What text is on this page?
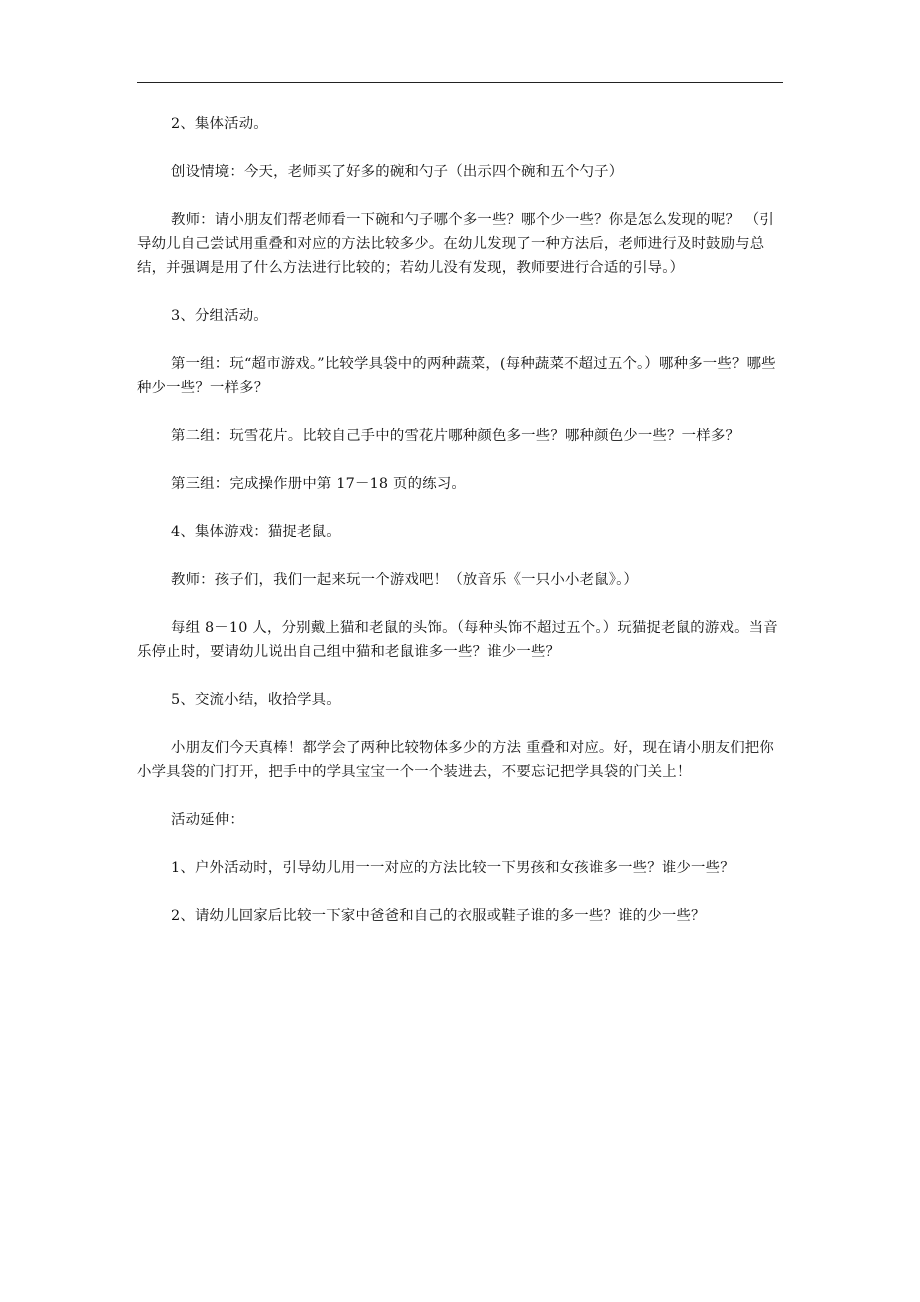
2、集体活动。

创设情境：今天，老师买了好多的碗和勺子（出示四个碗和五个勺子）

教师：请小朋友们帮老师看一下碗和勺子哪个多一些？哪个少一些？你是怎么发现的呢？ （引导幼儿自己尝试用重叠和对应的方法比较多少。在幼儿发现了一种方法后，老师进行及时鼓励与总结，并强调是用了什么方法进行比较的；若幼儿没有发现，教师要进行合适的引导。）

3、分组活动。

第一组：玩“超市游戏。”比较学具袋中的两种蔬菜，(每种蔬菜不超过五个。）哪种多一些？哪些种少一些？一样多？

第二组：玩雪花片。比较自己手中的雪花片哪种颜色多一些？哪种颜色少一些？一样多？

第三组：完成操作册中第 17－18 页的练习。

4、集体游戏：猫捉老鼠。

教师：孩子们，我们一起来玩一个游戏吧！（放音乐《一只小小老鼠》。）

每组 8－10 人，分别戴上猫和老鼠的头饰。（每种头饰不超过五个。）玩猫捉老鼠的游戏。当音乐停止时，要请幼儿说出自己组中猫和老鼠谁多一些？谁少一些？

5、交流小结，收拾学具。

小朋友们今天真棒！都学会了两种比较物体多少的方法 重叠和对应。好，现在请小朋友们把你小学具袋的门打开，把手中的学具宝宝一个一个装进去，不要忘记把学具袋的门关上！

活动延伸：

1、户外活动时，引导幼儿用一一对应的方法比较一下男孩和女孩谁多一些？谁少一些？

2、请幼儿回家后比较一下家中爸爸和自己的衣服或鞋子谁的多一些？谁的少一些？
